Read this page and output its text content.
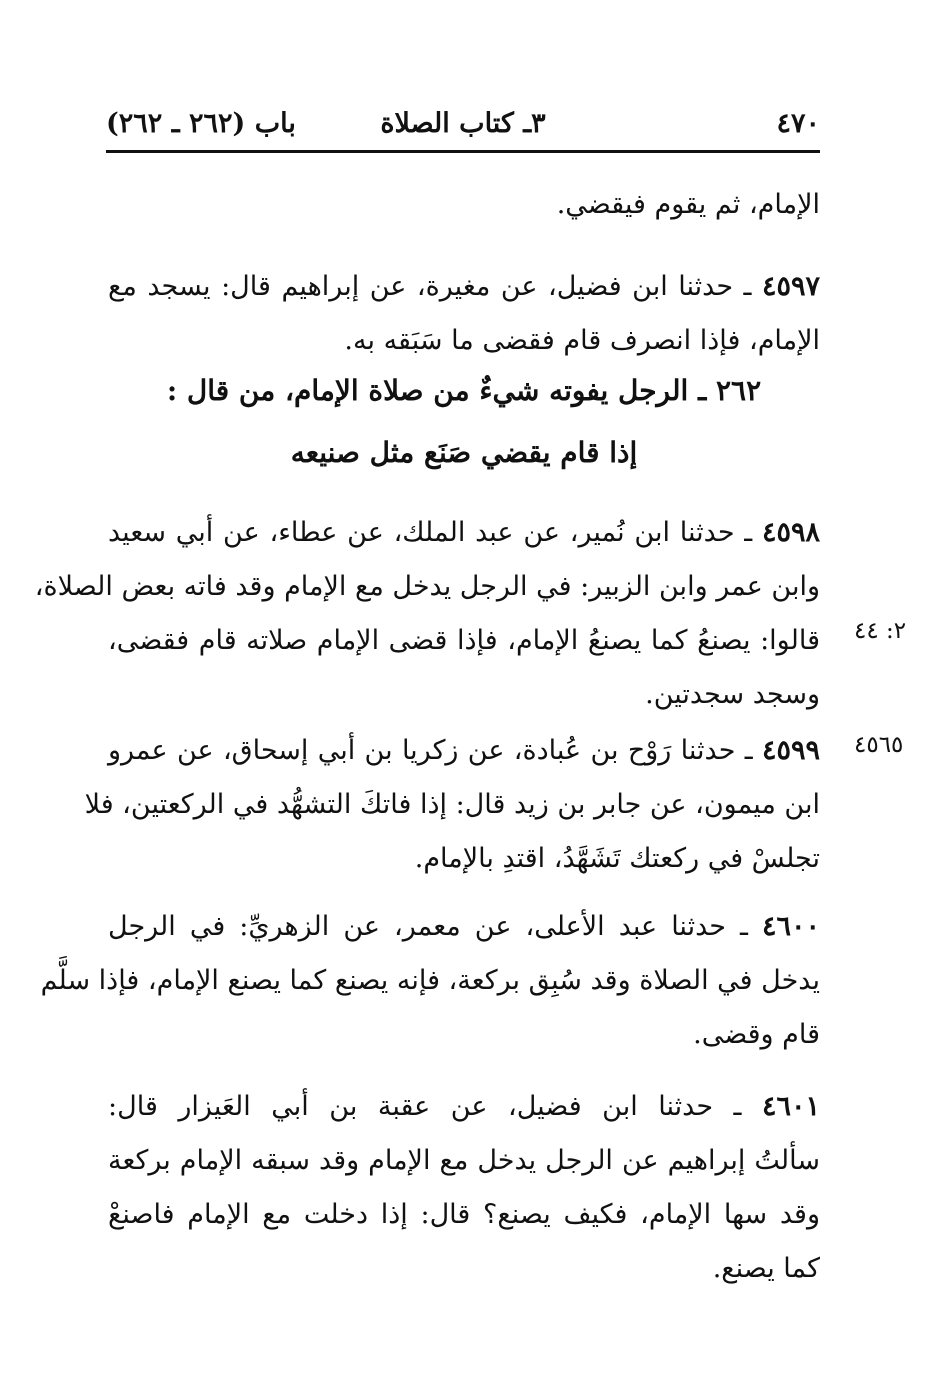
٤٧٠
٣ـ كتاب الصلاة
باب (٢٦٢ ـ ٢٦٢)
الإمام، ثم يقوم فيقضي.
٤٥٩٧ ـ حدثنا ابن فضيل، عن مغيرة، عن إبراهيم قال: يسجد مع
الإمام، فإذا انصرف قام فقضى ما سَبَقه به.
٢٦٢ ـ الرجل يفوته شيءٌ من صلاة الإمام، من قال :
إذا قام يقضي صَنَع مثل صنيعه
٤٥٩٨ ـ حدثنا ابن نُمير، عن عبد الملك، عن عطاء، عن أبي سعيد
وابن عمر وابن الزبير: في الرجل يدخل مع الإمام وقد فاته بعض الصلاة،
قالوا: يصنعُ كما يصنعُ الإمام، فإذا قضى الإمام صلاته قام فقضى،
وسجد سجدتين.
٢: ٤٤
٤٥٩٩ ـ حدثنا رَوْح بن عُبادة، عن زكريا بن أبي إسحاق، عن عمرو
ابن ميمون، عن جابر بن زيد قال: إذا فاتكَ التشهُّد في الركعتين، فلا
تجلسْ في ركعتك تَشَهَّدُ، اقتدِ بالإمام.
٤٥٦٥
٤٦٠٠ ـ حدثنا عبد الأعلى، عن معمر، عن الزهريِّ: في الرجل
يدخل في الصلاة وقد سُبِق بركعة، فإنه يصنع كما يصنع الإمام، فإذا سلَّم
قام وقضى.
٤٦٠١ ـ حدثنا ابن فضيل، عن عقبة بن أبي العَيزار قال:
سألتُ إبراهيم عن الرجل يدخل مع الإمام وقد سبقه الإمام بركعة
وقد سها الإمام، فكيف يصنع؟ قال: إذا دخلت مع الإمام فاصنعْ
كما يصنع.
